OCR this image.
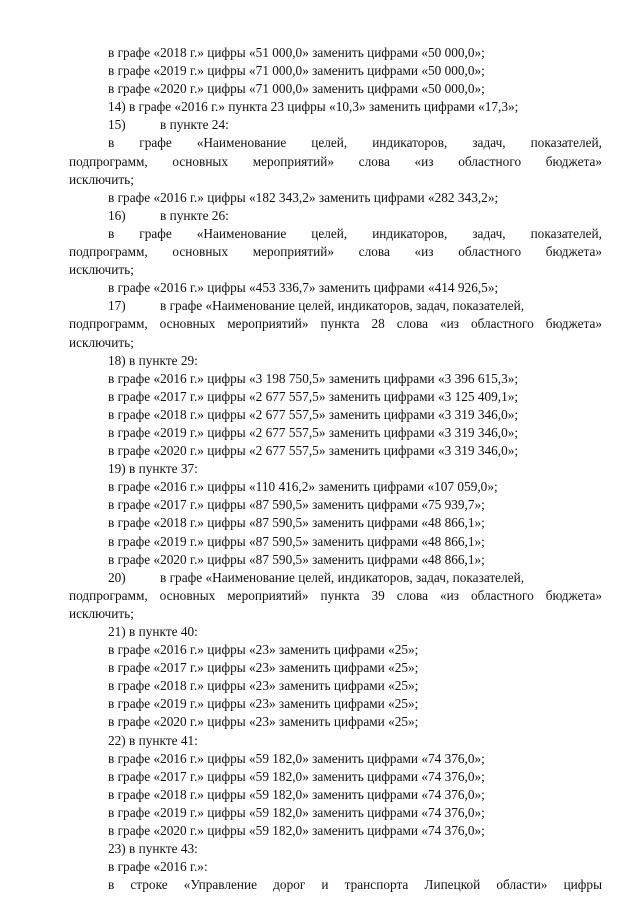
в графе «2018 г.» цифры «51 000,0» заменить цифрами «50 000,0»;
в графе «2019 г.» цифры «71 000,0» заменить цифрами «50 000,0»;
в графе «2020 г.» цифры «71 000,0» заменить цифрами «50 000,0»;
14) в графе «2016 г.» пункта 23 цифры «10,3» заменить цифрами «17,3»;
15)	в пункте 24:
в графе «Наименование целей, индикаторов, задач, показателей,
подпрограмм, основных мероприятий» слова «из областного бюджета»
исключить;
в графе «2016 г.» цифры «182 343,2» заменить цифрами «282 343,2»;
16)	в пункте 26:
в графе «Наименование целей, индикаторов, задач, показателей,
подпрограмм, основных мероприятий» слова «из областного бюджета»
исключить;
в графе «2016 г.» цифры «453 336,7» заменить цифрами «414 926,5»;
17)	в графе «Наименование целей, индикаторов, задач, показателей,
подпрограмм, основных мероприятий» пункта 28 слова «из областного бюджета»
исключить;
18) в пункте 29:
в графе «2016 г.» цифры «3 198 750,5» заменить цифрами «3 396 615,3»;
в графе «2017 г.» цифры «2 677 557,5» заменить цифрами «3 125 409,1»;
в графе «2018 г.» цифры «2 677 557,5» заменить цифрами «3 319 346,0»;
в графе «2019 г.» цифры «2 677 557,5» заменить цифрами «3 319 346,0»;
в графе «2020 г.» цифры «2 677 557,5» заменить цифрами «3 319 346,0»;
19) в пункте 37:
в графе «2016 г.» цифры «110 416,2» заменить цифрами «107 059,0»;
в графе «2017 г.» цифры «87 590,5» заменить цифрами «75 939,7»;
в графе «2018 г.» цифры «87 590,5» заменить цифрами «48 866,1»;
в графе «2019 г.» цифры «87 590,5» заменить цифрами «48 866,1»;
в графе «2020 г.» цифры «87 590,5» заменить цифрами «48 866,1»;
20)	в графе «Наименование целей, индикаторов, задач, показателей,
подпрограмм, основных мероприятий» пункта 39 слова «из областного бюджета»
исключить;
21) в пункте 40:
в графе «2016 г.» цифры «23» заменить цифрами «25»;
в графе «2017 г.» цифры «23» заменить цифрами «25»;
в графе «2018 г.» цифры «23» заменить цифрами «25»;
в графе «2019 г.» цифры «23» заменить цифрами «25»;
в графе «2020 г.» цифры «23» заменить цифрами «25»;
22) в пункте 41:
в графе «2016 г.» цифры «59 182,0» заменить цифрами «74 376,0»;
в графе «2017 г.» цифры «59 182,0» заменить цифрами «74 376,0»;
в графе «2018 г.» цифры «59 182,0» заменить цифрами «74 376,0»;
в графе «2019 г.» цифры «59 182,0» заменить цифрами «74 376,0»;
в графе «2020 г.» цифры «59 182,0» заменить цифрами «74 376,0»;
23) в пункте 43:
в графе «2016 г.»:
в строке «Управление дорог и транспорта Липецкой области» цифры
